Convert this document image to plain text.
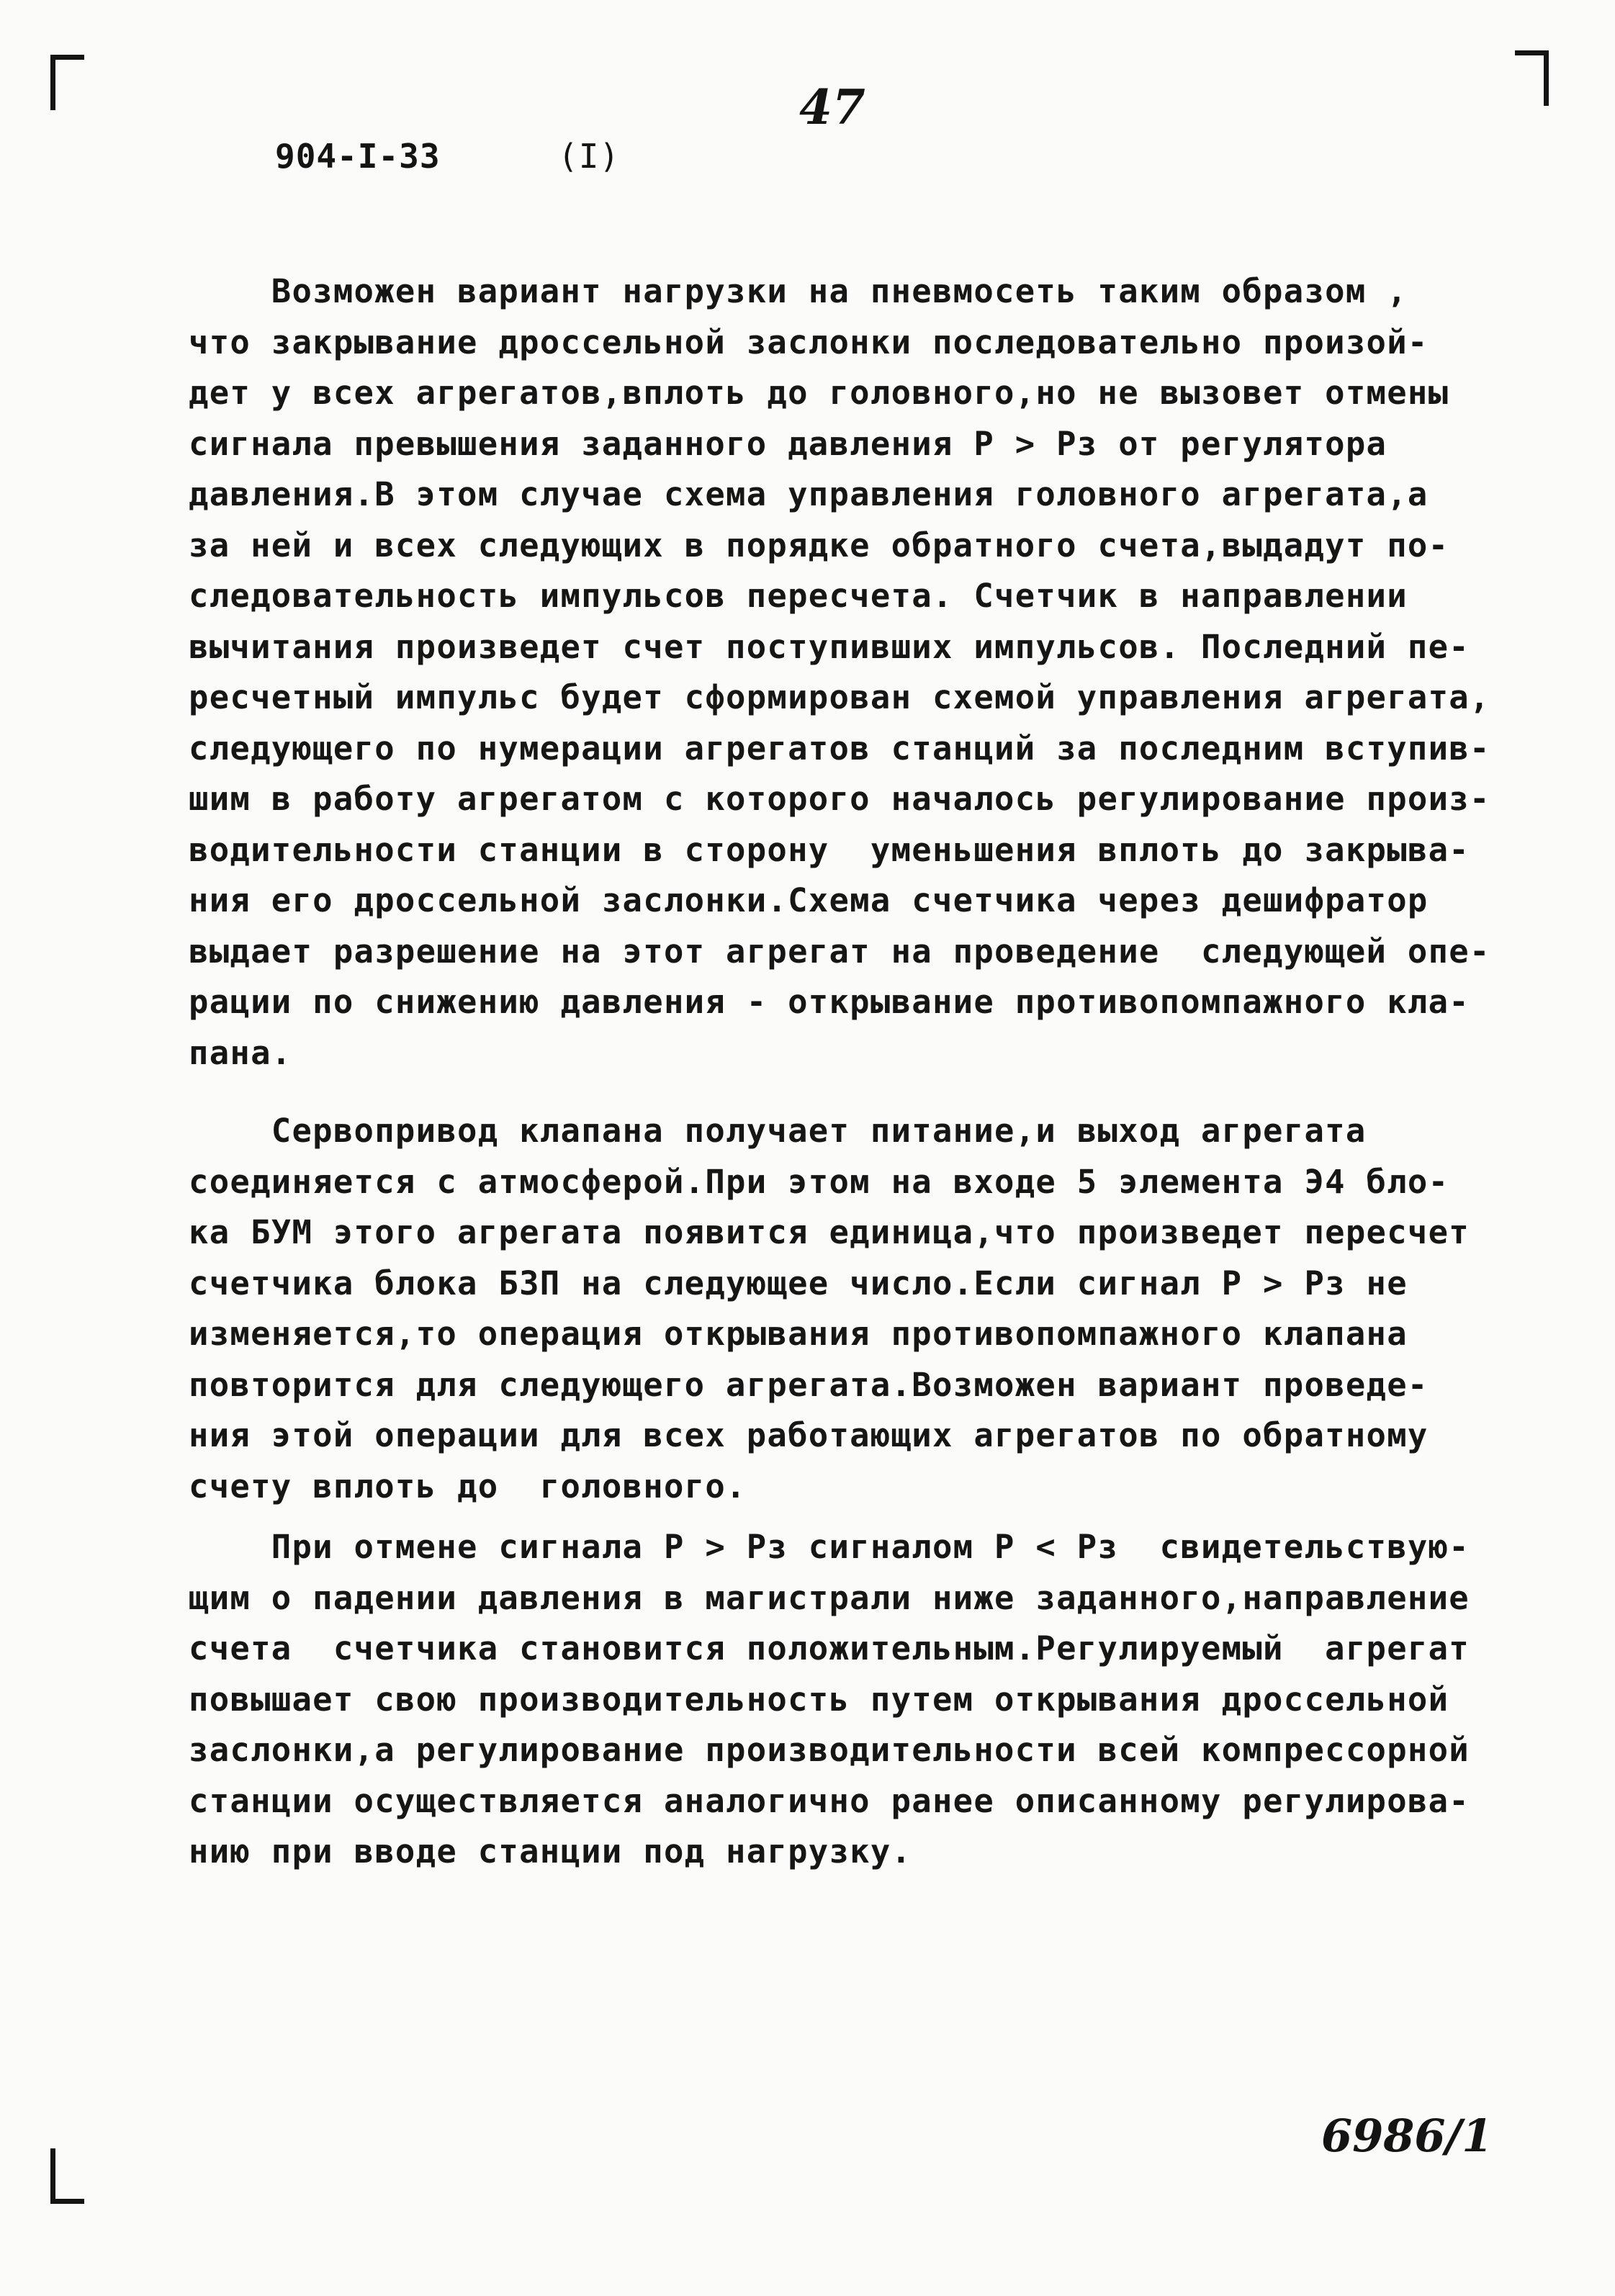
47
904-I-33	(I)
Возможен вариант нагрузки на пневмосеть таким образом ,
что закрывание дроссельной заслонки последовательно произой-
дет у всех агрегатов,вплоть до головного,но не вызовет отмены
сигнала превышения заданного давления Р > Рз от регулятора
давления.В этом случае схема управления головного агрегата,а
за ней и всех следующих в порядке обратного счета,выдадут по-
следовательность импульсов пересчета. Счетчик в направлении
вычитания произведет счет поступивших импульсов. Последний пе-
ресчетный импульс будет сформирован схемой управления агрегата,
следующего по нумерации агрегатов станций за последним вступив-
шим в работу агрегатом с которого началось регулирование произ-
водительности станции в сторону  уменьшения вплоть до закрыва-
ния его дроссельной заслонки.Схема счетчика через дешифратор
выдает разрешение на этот агрегат на проведение  следующей опе-
рации по снижению давления - открывание противопомпажного кла-
пана.
Сервопривод клапана получает питание,и выход агрегата
соединяется с атмосферой.При этом на входе 5 элемента Э4 бло-
ка БУМ этого агрегата появится единица,что произведет пересчет
счетчика блока БЗП на следующее число.Если сигнал Р > Рз не
изменяется,то операция открывания противопомпажного клапана
повторится для следующего агрегата.Возможен вариант проведе-
ния этой операции для всех работающих агрегатов по обратному
счету вплоть до  головного.
При отмене сигнала Р > Рз сигналом Р < Рз  свидетельствую-
щим о падении давления в магистрали ниже заданного,направление
счета  счетчика становится положительным.Регулируемый  агрегат
повышает свою производительность путем открывания дроссельной
заслонки,а регулирование производительности всей компрессорной
станции осуществляется аналогично ранее описанному регулирова-
нию при вводе станции под нагрузку.
6986/1
